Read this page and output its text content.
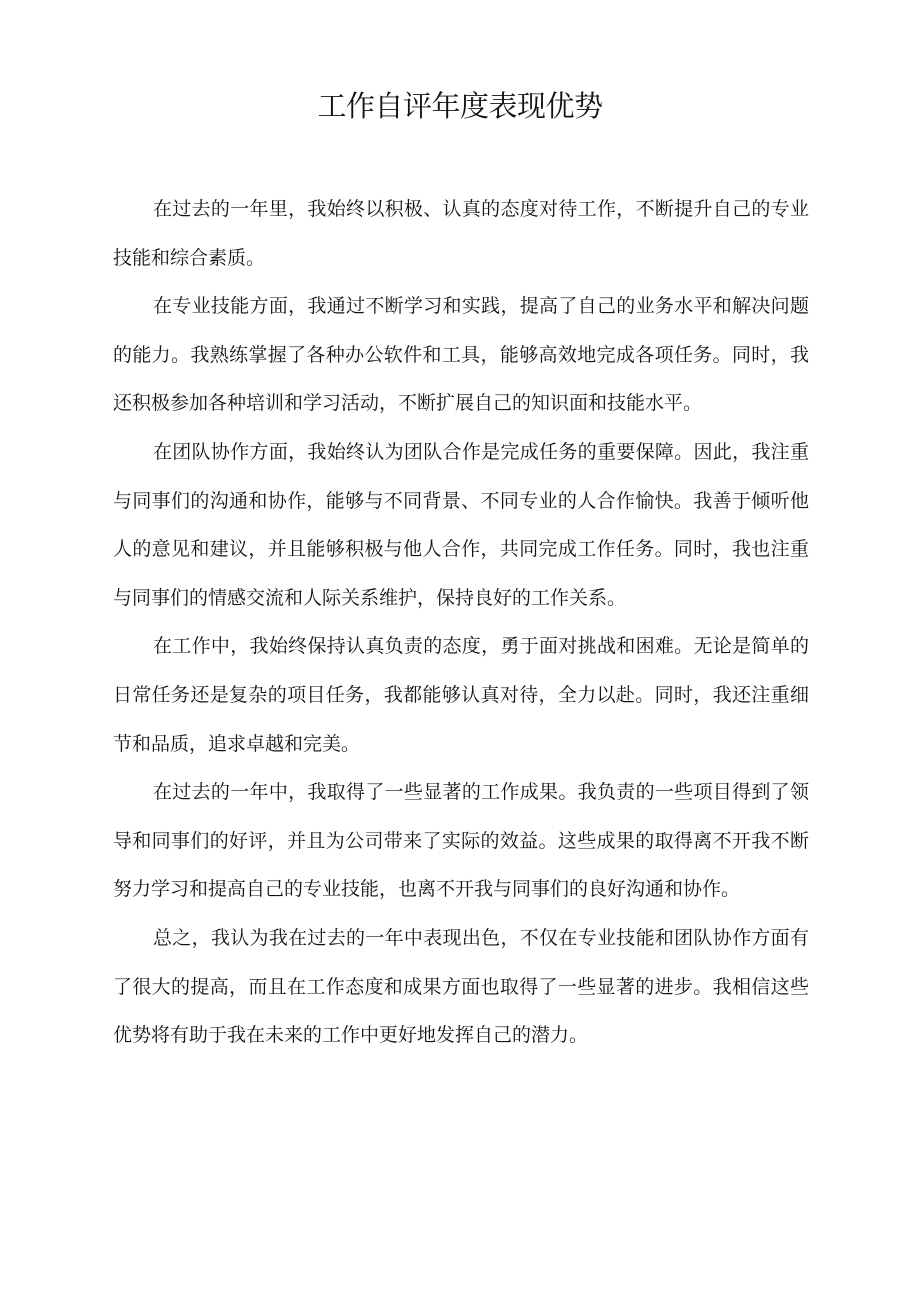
工作自评年度表现优势

在过去的一年里，我始终以积极、认真的态度对待工作，不断提升自己的专业技能和综合素质。

在专业技能方面，我通过不断学习和实践，提高了自己的业务水平和解决问题的能力。我熟练掌握了各种办公软件和工具，能够高效地完成各项任务。同时，我还积极参加各种培训和学习活动，不断扩展自己的知识面和技能水平。

在团队协作方面，我始终认为团队合作是完成任务的重要保障。因此，我注重与同事们的沟通和协作，能够与不同背景、不同专业的人合作愉快。我善于倾听他人的意见和建议，并且能够积极与他人合作，共同完成工作任务。同时，我也注重与同事们的情感交流和人际关系维护，保持良好的工作关系。

在工作中，我始终保持认真负责的态度，勇于面对挑战和困难。无论是简单的日常任务还是复杂的项目任务，我都能够认真对待，全力以赴。同时，我还注重细节和品质，追求卓越和完美。

在过去的一年中，我取得了一些显著的工作成果。我负责的一些项目得到了领导和同事们的好评，并且为公司带来了实际的效益。这些成果的取得离不开我不断努力学习和提高自己的专业技能，也离不开我与同事们的良好沟通和协作。

总之，我认为我在过去的一年中表现出色，不仅在专业技能和团队协作方面有了很大的提高，而且在工作态度和成果方面也取得了一些显著的进步。我相信这些优势将有助于我在未来的工作中更好地发挥自己的潜力。
